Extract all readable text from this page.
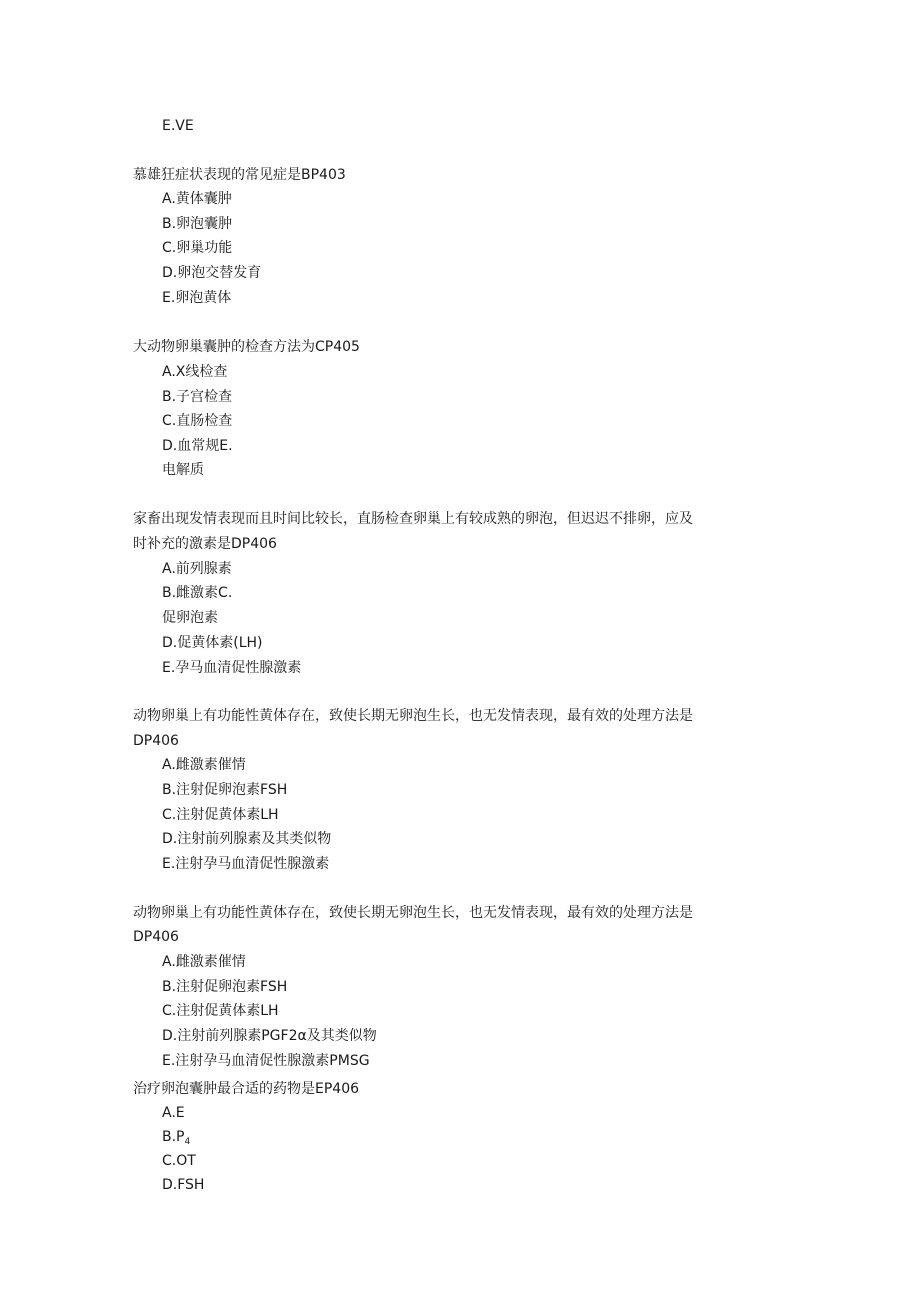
E.VE
慕雄狂症状表现的常见症是BP403
A.黄体囊肿
B.卵泡囊肿
C.卵巢功能
D.卵泡交替发育
E.卵泡黄体
大动物卵巢囊肿的检查方法为CP405
A.X线检查
B.子宫检查
C.直肠检查
D.血常规E.
电解质
家畜出现发情表现而且时间比较长，直肠检查卵巢上有较成熟的卵泡，但迟迟不排卵，应及
时补充的激素是DP406
A.前列腺素
B.雌激素C.
促卵泡素
D.促黄体素(LH)
E.孕马血清促性腺激素
动物卵巢上有功能性黄体存在，致使长期无卵泡生长，也无发情表现，最有效的处理方法是
DP406
A.雌激素催情
B.注射促卵泡素FSH
C.注射促黄体素LH
D.注射前列腺素及其类似物
E.注射孕马血清促性腺激素
动物卵巢上有功能性黄体存在，致使长期无卵泡生长，也无发情表现，最有效的处理方法是
DP406
A.雌激素催情
B.注射促卵泡素FSH
C.注射促黄体素LH
D.注射前列腺素PGF2α及其类似物
E.注射孕马血清促性腺激素PMSG
治疗卵泡囊肿最合适的药物是EP406
A.E
$B.P_4$
C.OT
D.FSH
